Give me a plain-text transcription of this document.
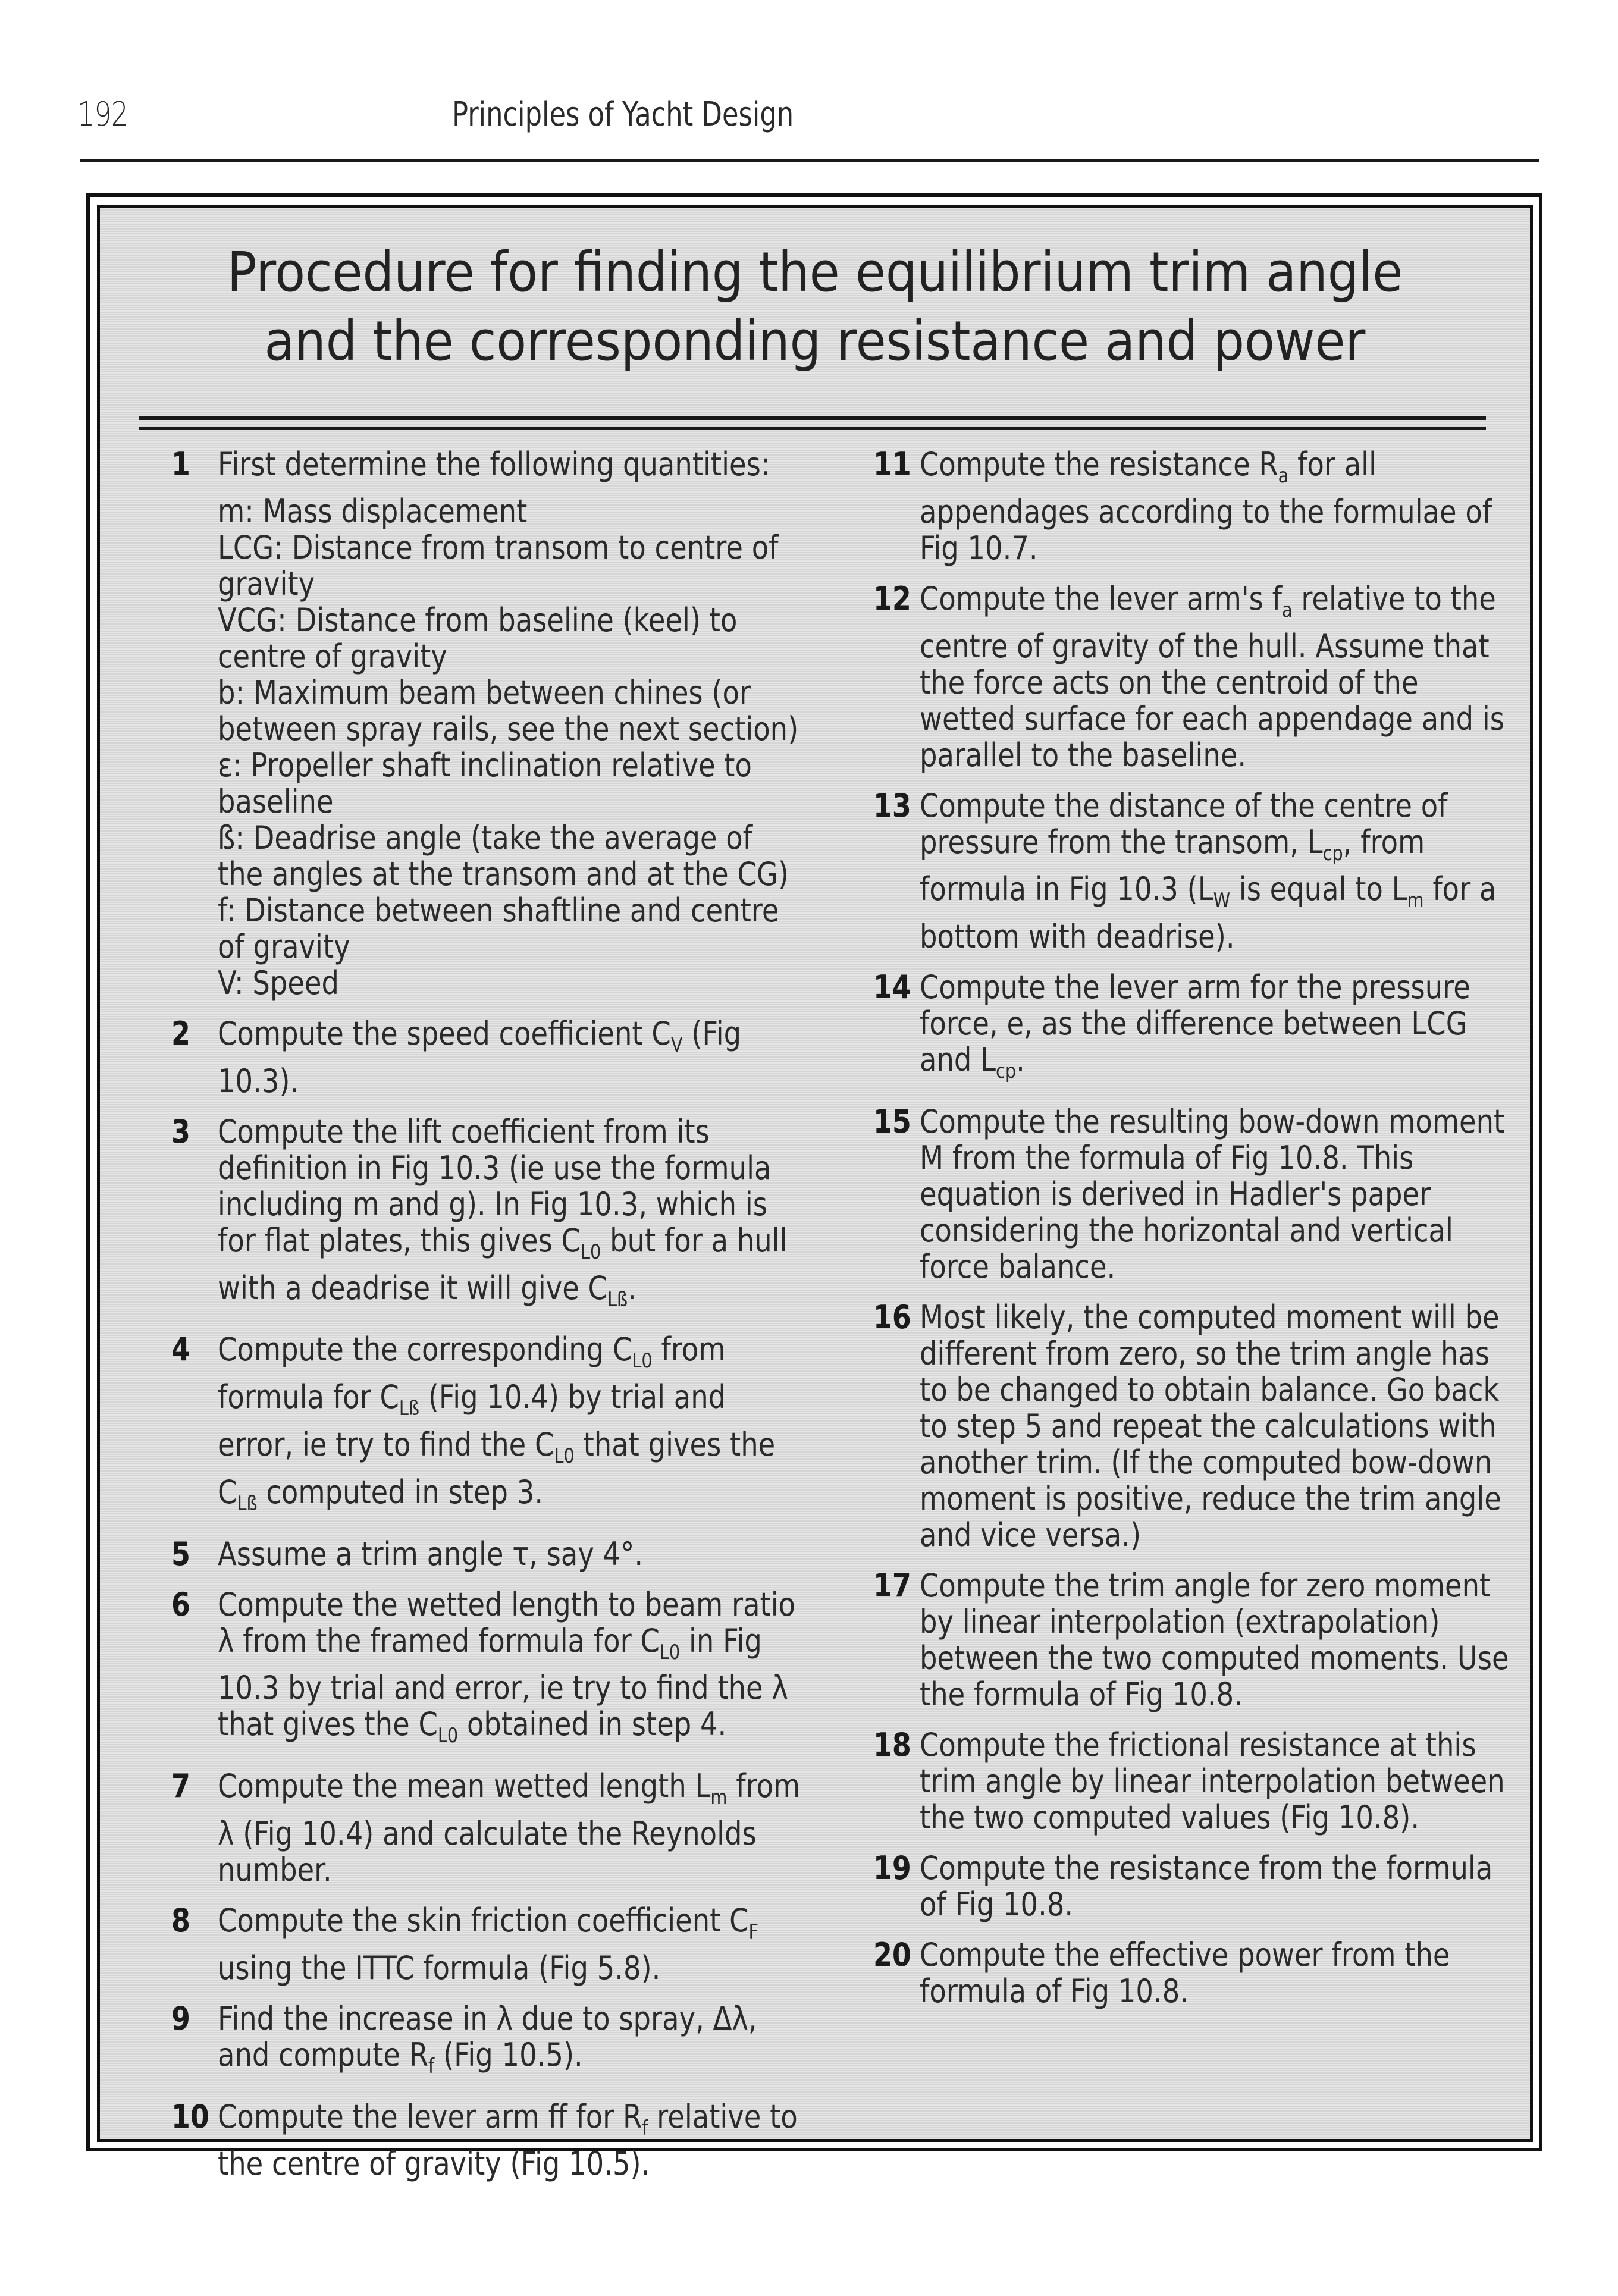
192	Principles of Yacht Design
Procedure for finding the equilibrium trim angle
and the corresponding resistance and power
1 First determine the following quantities:
m: Mass displacement
LCG: Distance from transom to centre of gravity
VCG: Distance from baseline (keel) to centre of gravity
b: Maximum beam between chines (or between spray rails, see the next section)
ε: Propeller shaft inclination relative to baseline
ß: Deadrise angle (take the average of the angles at the transom and at the CG)
f: Distance between shaftline and centre of gravity
V: Speed
2 Compute the speed coefficient $C_V$ (Fig 10.3).
3 Compute the lift coefficient from its definition in Fig 10.3 (ie use the formula including m and g). In Fig 10.3, which is for flat plates, this gives $C_{L0}$ but for a hull with a deadrise it will give $C_{Lß}$.
4 Compute the corresponding $C_{L0}$ from formula for $C_{Lß}$ (Fig 10.4) by trial and error, ie try to find the $C_{L0}$ that gives the $C_{Lß}$ computed in step 3.
5 Assume a trim angle τ, say 4°.
6 Compute the wetted length to beam ratio λ from the framed formula for $C_{L0}$ in Fig 10.3 by trial and error, ie try to find the λ that gives the $C_{L0}$ obtained in step 4.
7 Compute the mean wetted length $L_m$ from λ (Fig 10.4) and calculate the Reynolds number.
8 Compute the skin friction coefficient $C_F$ using the ITTC formula (Fig 5.8).
9 Find the increase in λ due to spray, Δλ, and compute $R_f$ (Fig 10.5).
10 Compute the lever arm ff for $R_f$ relative to the centre of gravity (Fig 10.5).
11 Compute the resistance $R_a$ for all appendages according to the formulae of Fig 10.7.
12 Compute the lever arm's $f_a$ relative to the centre of gravity of the hull. Assume that the force acts on the centroid of the wetted surface for each appendage and is parallel to the baseline.
13 Compute the distance of the centre of pressure from the transom, $L_{cp}$, from formula in Fig 10.3 ($L_W$ is equal to $L_m$ for a bottom with deadrise).
14 Compute the lever arm for the pressure force, e, as the difference between LCG and $L_{cp}$.
15 Compute the resulting bow-down moment M from the formula of Fig 10.8. This equation is derived in Hadler's paper considering the horizontal and vertical force balance.
16 Most likely, the computed moment will be different from zero, so the trim angle has to be changed to obtain balance. Go back to step 5 and repeat the calculations with another trim. (If the computed bow-down moment is positive, reduce the trim angle and vice versa.)
17 Compute the trim angle for zero moment by linear interpolation (extrapolation) between the two computed moments. Use the formula of Fig 10.8.
18 Compute the frictional resistance at this trim angle by linear interpolation between the two computed values (Fig 10.8).
19 Compute the resistance from the formula of Fig 10.8.
20 Compute the effective power from the formula of Fig 10.8.
